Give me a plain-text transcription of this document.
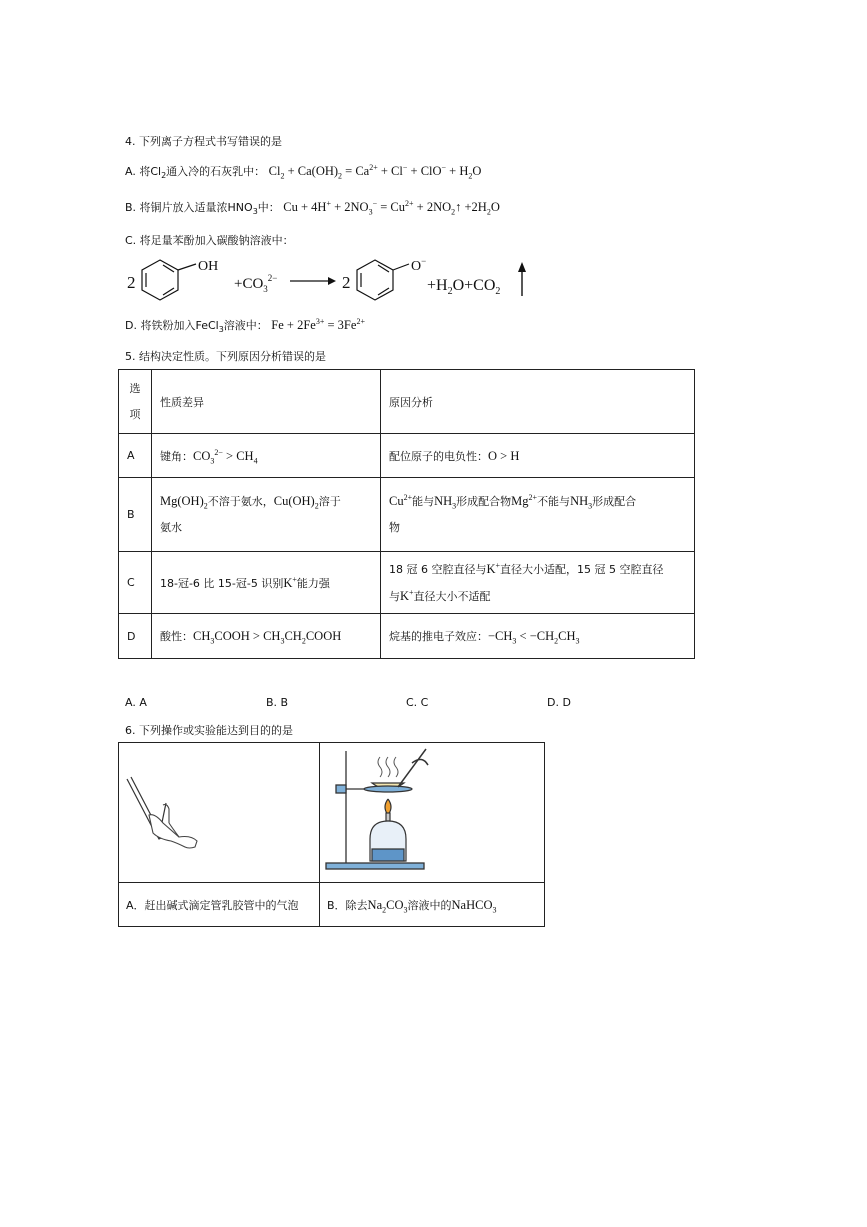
4. 下列离子方程式书写错误的是
A. 将$Cl_2$通入冷的石灰乳中： $Cl_2 + Ca(OH)_2 = Ca^{2+} + Cl^- + ClO^- + H_2O$
B. 将铜片放入适量浓$HNO_3$中： $Cu + 4H^+ + 2NO_3^- = Cu^{2+}$ + $2NO_2↑ +2H_2O$
C. 将足量苯酚加入碳酸钠溶液中：
2
OH
$+CO_3^{2-}$	2
O−
$+H_2O+CO_2$
D. 将铁粉加入FeCl$_3$溶液中： $Fe + 2Fe^{3+} = 3Fe^{2+}$
5. 结构决定性质。下列原因分析错误的是
选
项	性质差异	原因分析
A	键角：$CO_3^{2-} > CH_4$	配位原子的电负性：O > H
B	$Mg(OH)_2$不溶于氨水，$Cu(OH)_2$溶于
氨水	$Cu^{2+}$能与$NH_3$形成配合物$Mg^{2+}$不能与$NH_3$形成配合
物

C	18-冠-6 比 15-冠-5 识别K+能力强	18 冠 6 空腔直径与K+直径大小适配，15 冠 5 空腔直径
与K+直径大小不适配

D	酸性：$CH_3COOH$ > $CH_3CH_2COOH$	烷基的推电子效应：$-CH_3 < -CH_2CH_3$
A. A	B. B	C. C	D. D
6. 下列操作或实验能达到目的的是

A．赶出碱式滴定管乳胶管中的气泡	B．除去$Na_2CO_3$溶液中的NaHCO$_3$
